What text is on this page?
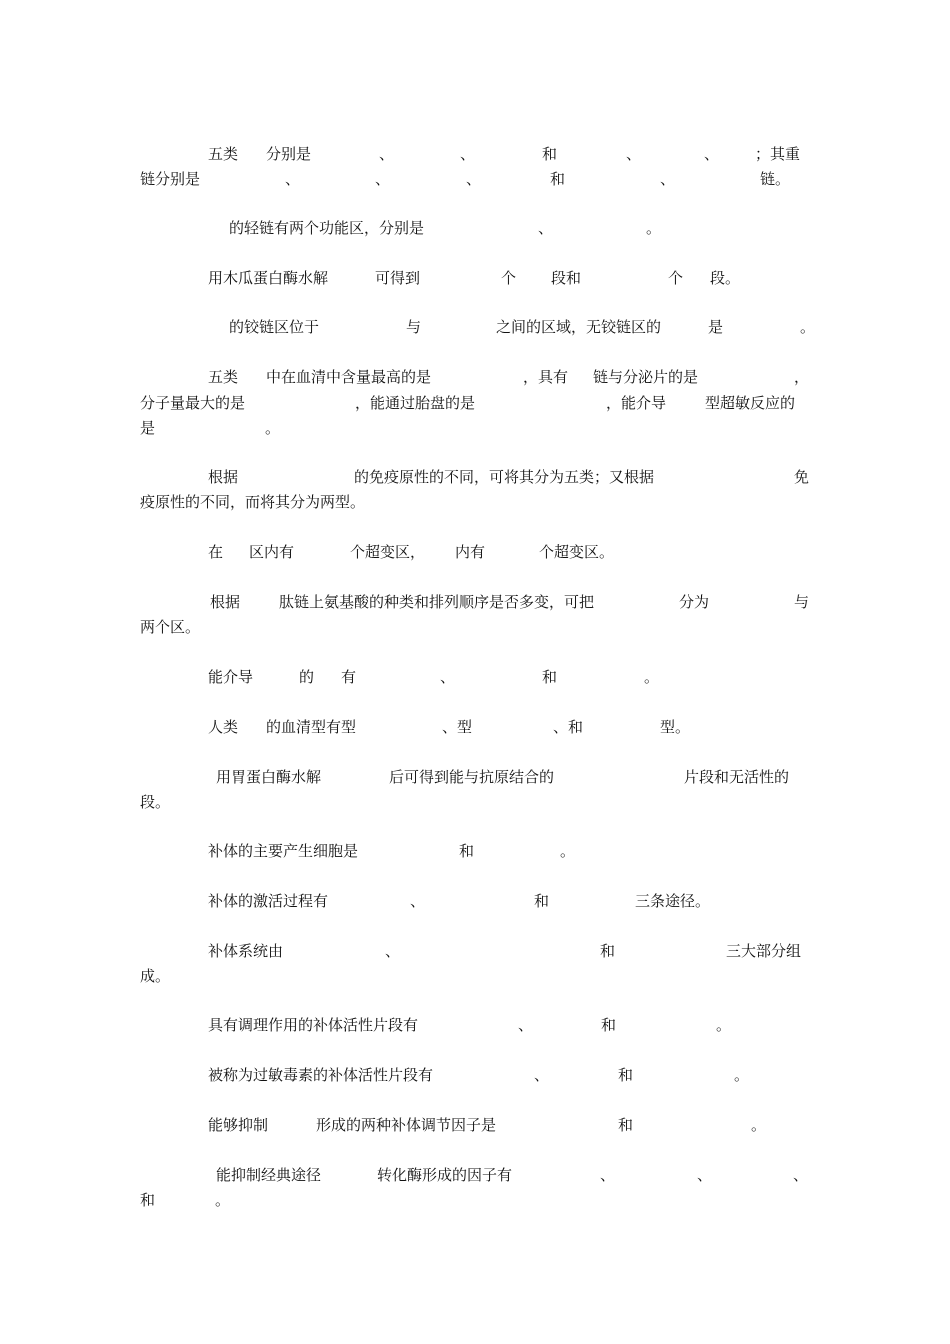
五类 分别是	、	、	和	、	、 ；其重
链分别是	、	、	、	和	、	链。
的轻链有两个功能区，分别是	、	。
用木瓜蛋白酶水解	可得到	个 段和	个 段。
的铰链区位于	与	之间的区域，无铰链区的	是	。
五类 中在血清中含量最高的是	，具有 链与分泌片的是	，
分子量最大的是	，能通过胎盘的是	，能介导	型超敏反应的
是	。
根据	的免疫原性的不同，可将其分为五类；又根据	免
疫原性的不同，而将其分为两型。
在 区内有	个超变区， 内有	个超变区。
根据	肽链上氨基酸的种类和排列顺序是否多变，可把	分为	与
两个区。
能介导	的 有	、	和	。
人类 的血清型有型	、型	、和	型。
用胃蛋白酶水解	后可得到能与抗原结合的	片段和无活性的
段。
补体的主要产生细胞是	和	。
补体的激活过程有	、	和	三条途径。
补体系统由	、	和	三大部分组
成。
具有调理作用的补体活性片段有	、	和	。
被称为过敏毒素的补体活性片段有	、	和	。
能够抑制	形成的两种补体调节因子是	和	。
能抑制经典途径	转化酶形成的因子有	、	、	、
和	。
